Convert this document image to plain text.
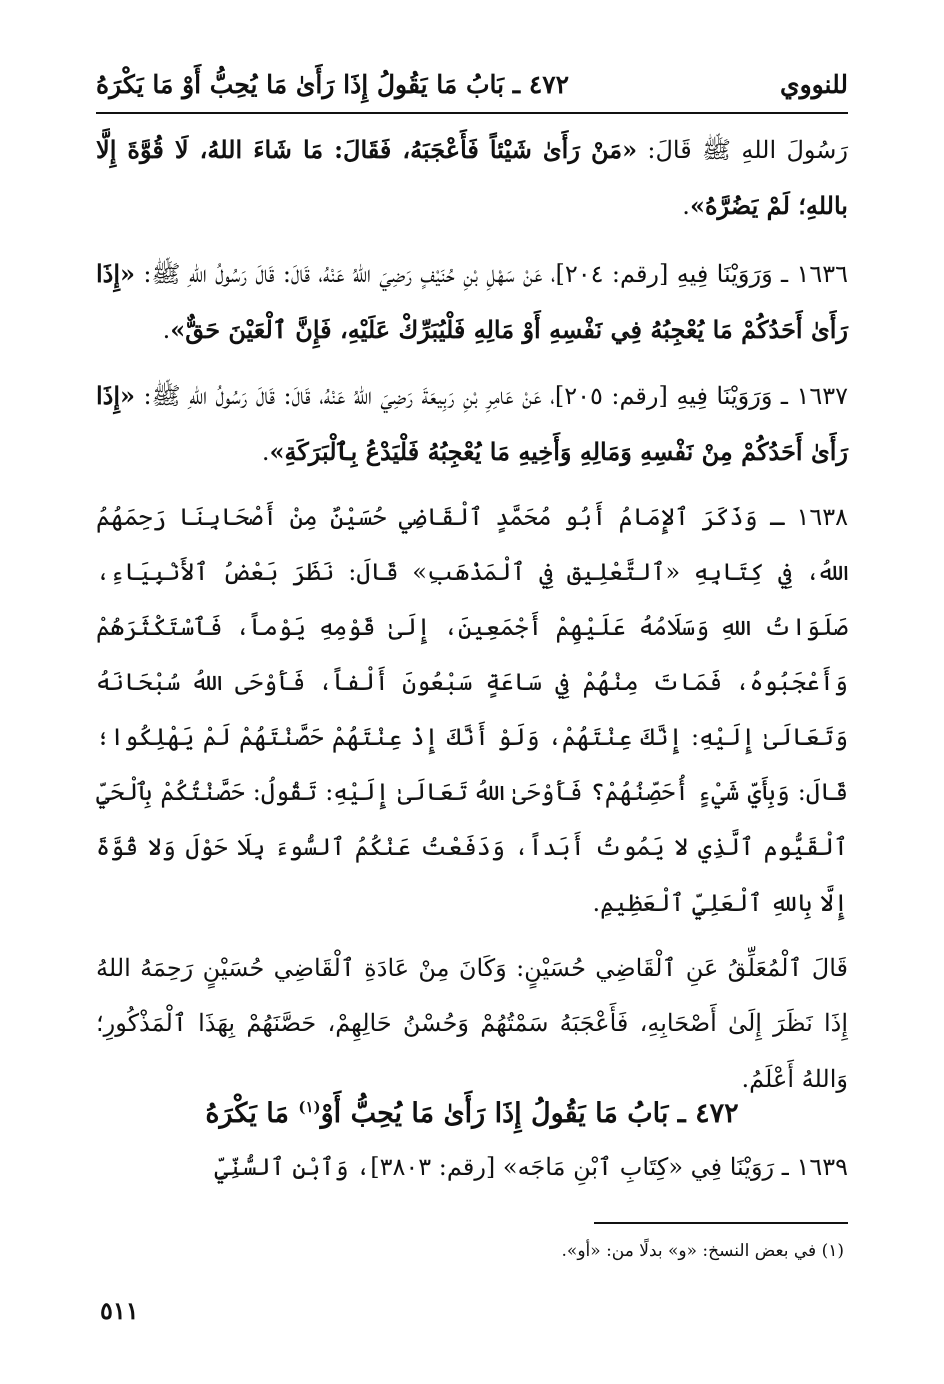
للنووي
٤٧٢ ـ بَابُ مَا يَقُولُ إِذَا رَأَىٰ مَا يُحِبُّ أَوْ مَا يَكْرَهُ

رَسُولَ اللهِ ﷺ قَالَ: «مَنْ رَأَىٰ شَيْئاً فَأَعْجَبَهُ، فَقَالَ: مَا شَاءَ اللهُ، لَا قُوَّةَ إِلَّا باللهِ؛ لَمْ يَضُرَّهُ».

١٦٣٦ ـ وَرَوَيْنَا فِيهِ [رقم: ٢٠٤]، عَنْ سَهْلِ بْنِ حُنَيْفٍ رَضِيَ اللهُ عَنْهُ، قَالَ: قَالَ رَسُولُ اللهِ ﷺ: «إِذَا رَأَىٰ أَحَدُكُمْ مَا يُعْجِبُهُ فِي نَفْسِهِ أَوْ مَالِهِ فَلْيُبَرِّكْ عَلَيْهِ، فَإِنَّ ٱلْعَيْنَ حَقٌّ».

١٦٣٧ ـ وَرَوَيْنَا فِيهِ [رقم: ٢٠٥]، عَنْ عَامِرِ بْنِ رَبِيعَةَ رَضِيَ اللهُ عَنْهُ، قَالَ: قَالَ رَسُولُ اللهِ ﷺ: «إِذَا رَأَىٰ أَحَدُكُمْ مِنْ نَفْسِهِ وَمَالِهِ وَأَخِيهِ مَا يُعْجِبُهُ فَلْيَدْعُ بِٱلْبَرَكَةِ».

١٦٣٨ ـ وَذَكَرَ ٱلإِمَامُ أَبُو مُحَمَّدٍ ٱلْقَاضِي حُسَيْنٌ مِنْ أَصْحَابِنَا رَحِمَهُمُ اللهُ، فِي كِتَابِهِ «ٱلتَّعْلِيق فِي ٱلْمَذْهَبِ» قَالَ: نَظَرَ بَعْضُ ٱلأَنْبِيَاءِ، صَلَوَاتُ اللهِ وَسَلَامُهُ عَلَيْهِمْ أَجْمَعِينَ، إِلَىٰ قَوْمِهِ يَوْماً، فَٱسْتَكْثَرَهُمْ وَأَعْجَبُوهُ، فَمَاتَ مِنْهُمْ فِي سَاعَةٍ سَبْعُونَ أَلْفاً، فَأَوْحَى اللهُ سُبْحَانَهُ وَتَعَالَىٰ إِلَيْهِ: إِنَّكَ عِنْتَهُمْ، وَلَوْ أَنَّكَ إِذْ عِنْتَهُمْ حَصَّنْتَهُمْ لَمْ يَهْلِكُوا؛ قَالَ: وَبِأَيِّ شَيْءٍ أُحَصِّنُهُمْ؟ فَأَوْحَىٰ اللهُ تَعَالَىٰ إِلَيْهِ: تَقُولُ: حَصَّنْتُكُمْ بِٱلْحَيِّ ٱلْقَيُّوم ٱلَّذِي لا يَمُوتُ أَبَداً، وَدَفَعْتُ عَنْكُمُ ٱلسُّوءَ بِلَا حَوْلَ وَلا قُوَّةَ إِلَّا بِاللهِ ٱلْعَلِيِّ ٱلْعَظِيمِ.

قَالَ ٱلْمُعَلِّقُ عَنِ ٱلْقَاضِي حُسَيْنٍ: وَكَانَ مِنْ عَادَةِ ٱلْقَاضِي حُسَيْنٍ رَحِمَهُ اللهُ إِذَا نَظَرَ إِلَىٰ أَصْحَابِهِ، فَأَعْجَبَهُ سَمْتُهُمْ وَحُسْنُ حَالِهِمْ، حَصَّنَهُمْ بِهَذَا ٱلْمَذْكُورِ؛ وَاللهُ أَعْلَمُ.

٤٧٢ ـ بَابُ مَا يَقُولُ إِذَا رَأَىٰ مَا يُحِبُّ أَوْ$^{(١)}$ مَا يَكْرَهُ
١٦٣٩ ـ رَوَيْنَا فِي «كِتَابِ ٱبْنِ مَاجَه» [رقم: ٣٨٠٣]، وَٱبْنِ ٱلسُّنِّيِّ
(١) في بعض النسخ: «و» بدلًا من: «أو».
٥١١
